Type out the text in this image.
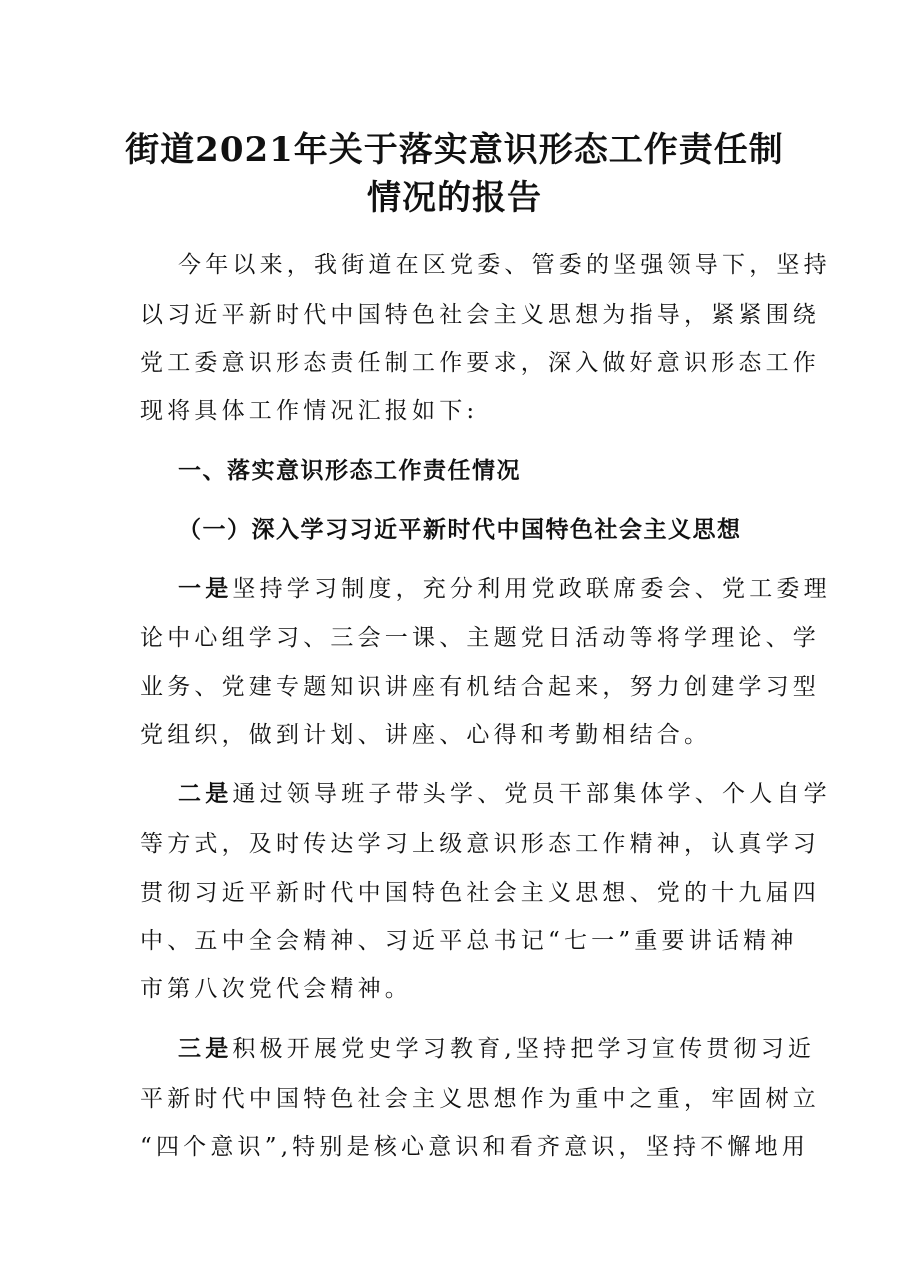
街道2021年关于落实意识形态工作责任制
情况的报告
今年以来，我街道在区党委、管委的坚强领导下，坚持
以习近平新时代中国特色社会主义思想为指导，紧紧围绕
党工委意识形态责任制工作要求，深入做好意识形态工作
现将具体工作情况汇报如下:
一、落实意识形态工作责任情况
（一）深入学习习近平新时代中国特色社会主义思想
一是坚持学习制度，充分利用党政联席委会、党工委理
论中心组学习、三会一课、主题党日活动等将学理论、学
业务、党建专题知识讲座有机结合起来，努力创建学习型
党组织，做到计划、讲座、心得和考勤相结合。
二是通过领导班子带头学、党员干部集体学、个人自学
等方式，及时传达学习上级意识形态工作精神，认真学习
贯彻习近平新时代中国特色社会主义思想、党的十九届四
中、五中全会精神、习近平总书记“七一”重要讲话精神
市第八次党代会精神。
三是积极开展党史学习教育,坚持把学习宣传贯彻习近
平新时代中国特色社会主义思想作为重中之重，牢固树立
“四个意识”,特别是核心意识和看齐意识，坚持不懈地用
